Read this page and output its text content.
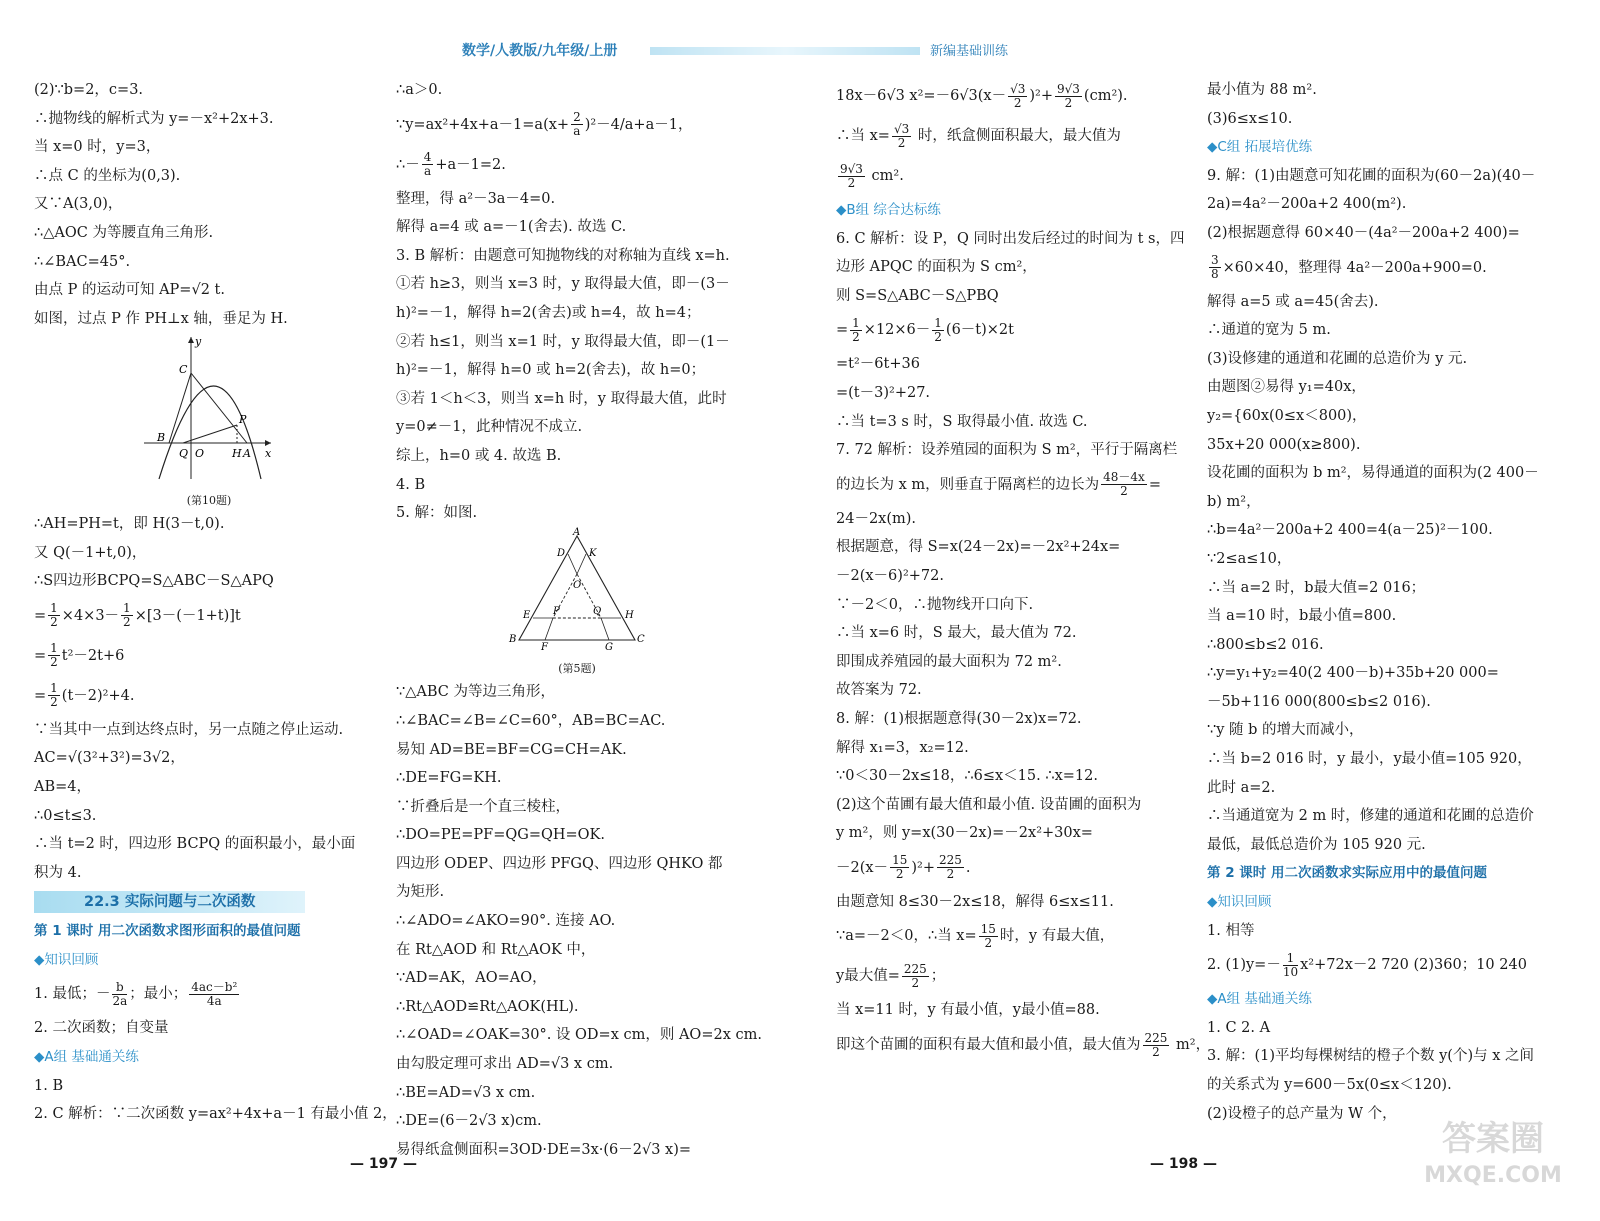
数学/人教版/九年级/上册	新编基础训练
(2)∵b=2，c=3.
∴抛物线的解析式为 y=－x²+2x+3.
当 x=0 时，y=3，
∴点 C 的坐标为(0,3).
又∵A(3,0)，
∴△AOC 为等腰直角三角形.
∴∠BAC=45°.
由点 P 的运动可知 AP=√2 t.
如图，过点 P 作 PH⊥x 轴，垂足为 H.
y
C
P
B
Q O	H A x
(第10题)
∴AH=PH=t，即 H(3－t,0).
又 Q(－1+t,0)，
∴S四边形BCPQ=S△ABC－S△APQ
= $\frac{1}{2} \times 4\times 3- \frac{1}{2} \times[3-(-1+t)]t$
= $\frac{1}{2} t^2-2t+6$
= $\frac{1}{2} (t-2)^2+4$.
∵当其中一点到达终点时，另一点随之停止运动.
AC=√(3²+3²)=3√2，
AB=4，
∴0≤t≤3.
∴当 t=2 时，四边形 BCPQ 的面积最小，最小面
积为 4.
22.3 实际问题与二次函数
第 1 课时 用二次函数求图形面积的最值问题
◆知识回顾
1. 最低；－ $\frac{b}{2a}$ ；最小； $\frac{\text{4ac－b²}}{4a}$
2. 二次函数；自变量
◆A组 基础通关练
1. B
2. C 解析：∵二次函数 y=ax²+4x+a－1 有最小值 2，
∴a＞0.
∵y=ax²+4x+a－1=a(x+ $\frac{2}{a} )^2-4/a+a-1$，
∴－ $\frac{4}{a} +a-1=2$.
整理，得 a²－3a－4=0.
解得 a=4 或 a=－1(舍去). 故选 C.
3. B 解析：由题意可知抛物线的对称轴为直线 x=h.
①若 h≥3，则当 x=3 时，y 取得最大值，即－(3－
h)²=－1，解得 h=2(舍去)或 h=4，故 h=4；
②若 h≤1，则当 x=1 时，y 取得最大值，即－(1－
h)²=－1，解得 h=0 或 h=2(舍去)，故 h=0；
③若 1＜h＜3，则当 x=h 时，y 取得最大值，此时
y=0≠－1，此种情况不成立.
综上，h=0 或 4. 故选 B.
4. B
5. 解：如图.
A
D K
O
E P	Q H
B
F	G
C
(第5题)
∵△ABC 为等边三角形，
∴∠BAC=∠B=∠C=60°，AB=BC=AC.
易知 AD=BE=BF=CG=CH=AK.
∴DE=FG=KH.
∵折叠后是一个直三棱柱，
∴DO=PE=PF=QG=QH=OK.
四边形 ODEP、四边形 PFGQ、四边形 QHKO 都
为矩形.
∴∠ADO=∠AKO=90°. 连接 AO.
在 Rt△AOD 和 Rt△AOK 中，
∵AD=AK，AO=AO，
∴Rt△AOD≌Rt△AOK(HL).
∴∠OAD=∠OAK=30°. 设 OD=x cm，则 AO=2x cm.
由勾股定理可求出 AD=√3 x cm.
∴BE=AD=√3 x cm.
∴DE=(6－2√3 x)cm.
易得纸盒侧面积=3OD·DE=3x·(6－2√3 x)=
18x－6√3 $x^2=-6√3(x- \frac{√3}{2} )^2+ \frac{9√3}{2} (cm^2)$.
∴当 $x= \frac{√3}{2}$ 时，纸盒侧面积最大，最大值为
$\frac{9√3}{2} cm^2$.
◆B组 综合达标练
6. C 解析：设 P，Q 同时出发后经过的时间为 t s，四
边形 APQC 的面积为 S cm²，
则 S=S△ABC－S△PBQ
= $\frac{1}{2} \times 12\times 6- \frac{1}{2} (6-t)\times 2t$
=t²－6t+36
=(t－3)²+27.
∴当 t=3 s 时，S 取得最小值. 故选 C.
7. 72 解析：设养殖园的面积为 S m²，平行于隔离栏
的边长为 x m，则垂直于隔离栏的边长为 $\frac{48-4x}{2}$ =
24－2x(m).
根据题意，得 S=x(24－2x)=－2x²+24x=
－2(x－6)²+72.
∵－2＜0，∴抛物线开口向下.
∴当 x=6 时，S 最大，最大值为 72.
即围成养殖园的最大面积为 72 m².
故答案为 72.
8. 解：(1)根据题意得(30－2x)x=72.
解得 x₁=3，x₂=12.
∵0＜30－2x≤18，∴6≤x＜15. ∴x=12.
(2)这个苗圃有最大值和最小值. 设苗圃的面积为
y m²，则 y=x(30－2x)=－2x²+30x=
$-2(x- \frac{15}{2} )^2+ \frac{225}{2}$ .
由题意知 8≤30－2x≤18，解得 6≤x≤11.
∵a=－2＜0，∴当 $x= \frac{15}{2}$ 时，y 有最大值，
y最大值= $\frac{225}{2}$ ；
当 x=11 时，y 有最小值，y最小值=88.
即这个苗圃的面积有最大值和最小值，最大值为 $\frac{225}{2} m^2$，
最小值为 88 m².
(3)6≤x≤10.
◆C组 拓展培优练
9. 解：(1)由题意可知花圃的面积为(60－2a)(40－
2a)=4a²－200a+2 400(m²).
(2)根据题意得 60×40－(4a²－200a+2 400)=
$\frac{3}{8} \times 60\times 40$，整理得 4a²－200a+900=0.
解得 a=5 或 a=45(舍去).
∴通道的宽为 5 m.
(3)设修建的通道和花圃的总造价为 y 元.
由题图②易得 y₁=40x，
y₂={60x(0≤x＜800)，
35x+20 000(x≥800).
设花圃的面积为 b m²，易得通道的面积为(2 400－
b) m²，
∴b=4a²－200a+2 400=4(a－25)²－100.
∵2≤a≤10，
∴当 a=2 时，b最大值=2 016；
当 a=10 时，b最小值=800.
∴800≤b≤2 016.
∴y=y₁+y₂=40(2 400－b)+35b+20 000=
－5b+116 000(800≤b≤2 016).
∵y 随 b 的增大而减小，
∴当 b=2 016 时，y 最小，y最小值=105 920，
此时 a=2.
∴当通道宽为 2 m 时，修建的通道和花圃的总造价
最低，最低总造价为 105 920 元.
第 2 课时 用二次函数求实际应用中的最值问题
◆知识回顾
1. 相等
2. $(1)y=- \frac{1}{10} x^2+72x-2$ 720 (2)360；10 240
◆A组 基础通关练
1. C 2. A
3. 解：(1)平均每棵树结的橙子个数 y(个)与 x 之间
的关系式为 y=600－5x(0≤x＜120).
(2)设橙子的总产量为 W 个，
— 197 —	— 198 —
答案圈
MXQE.COM
